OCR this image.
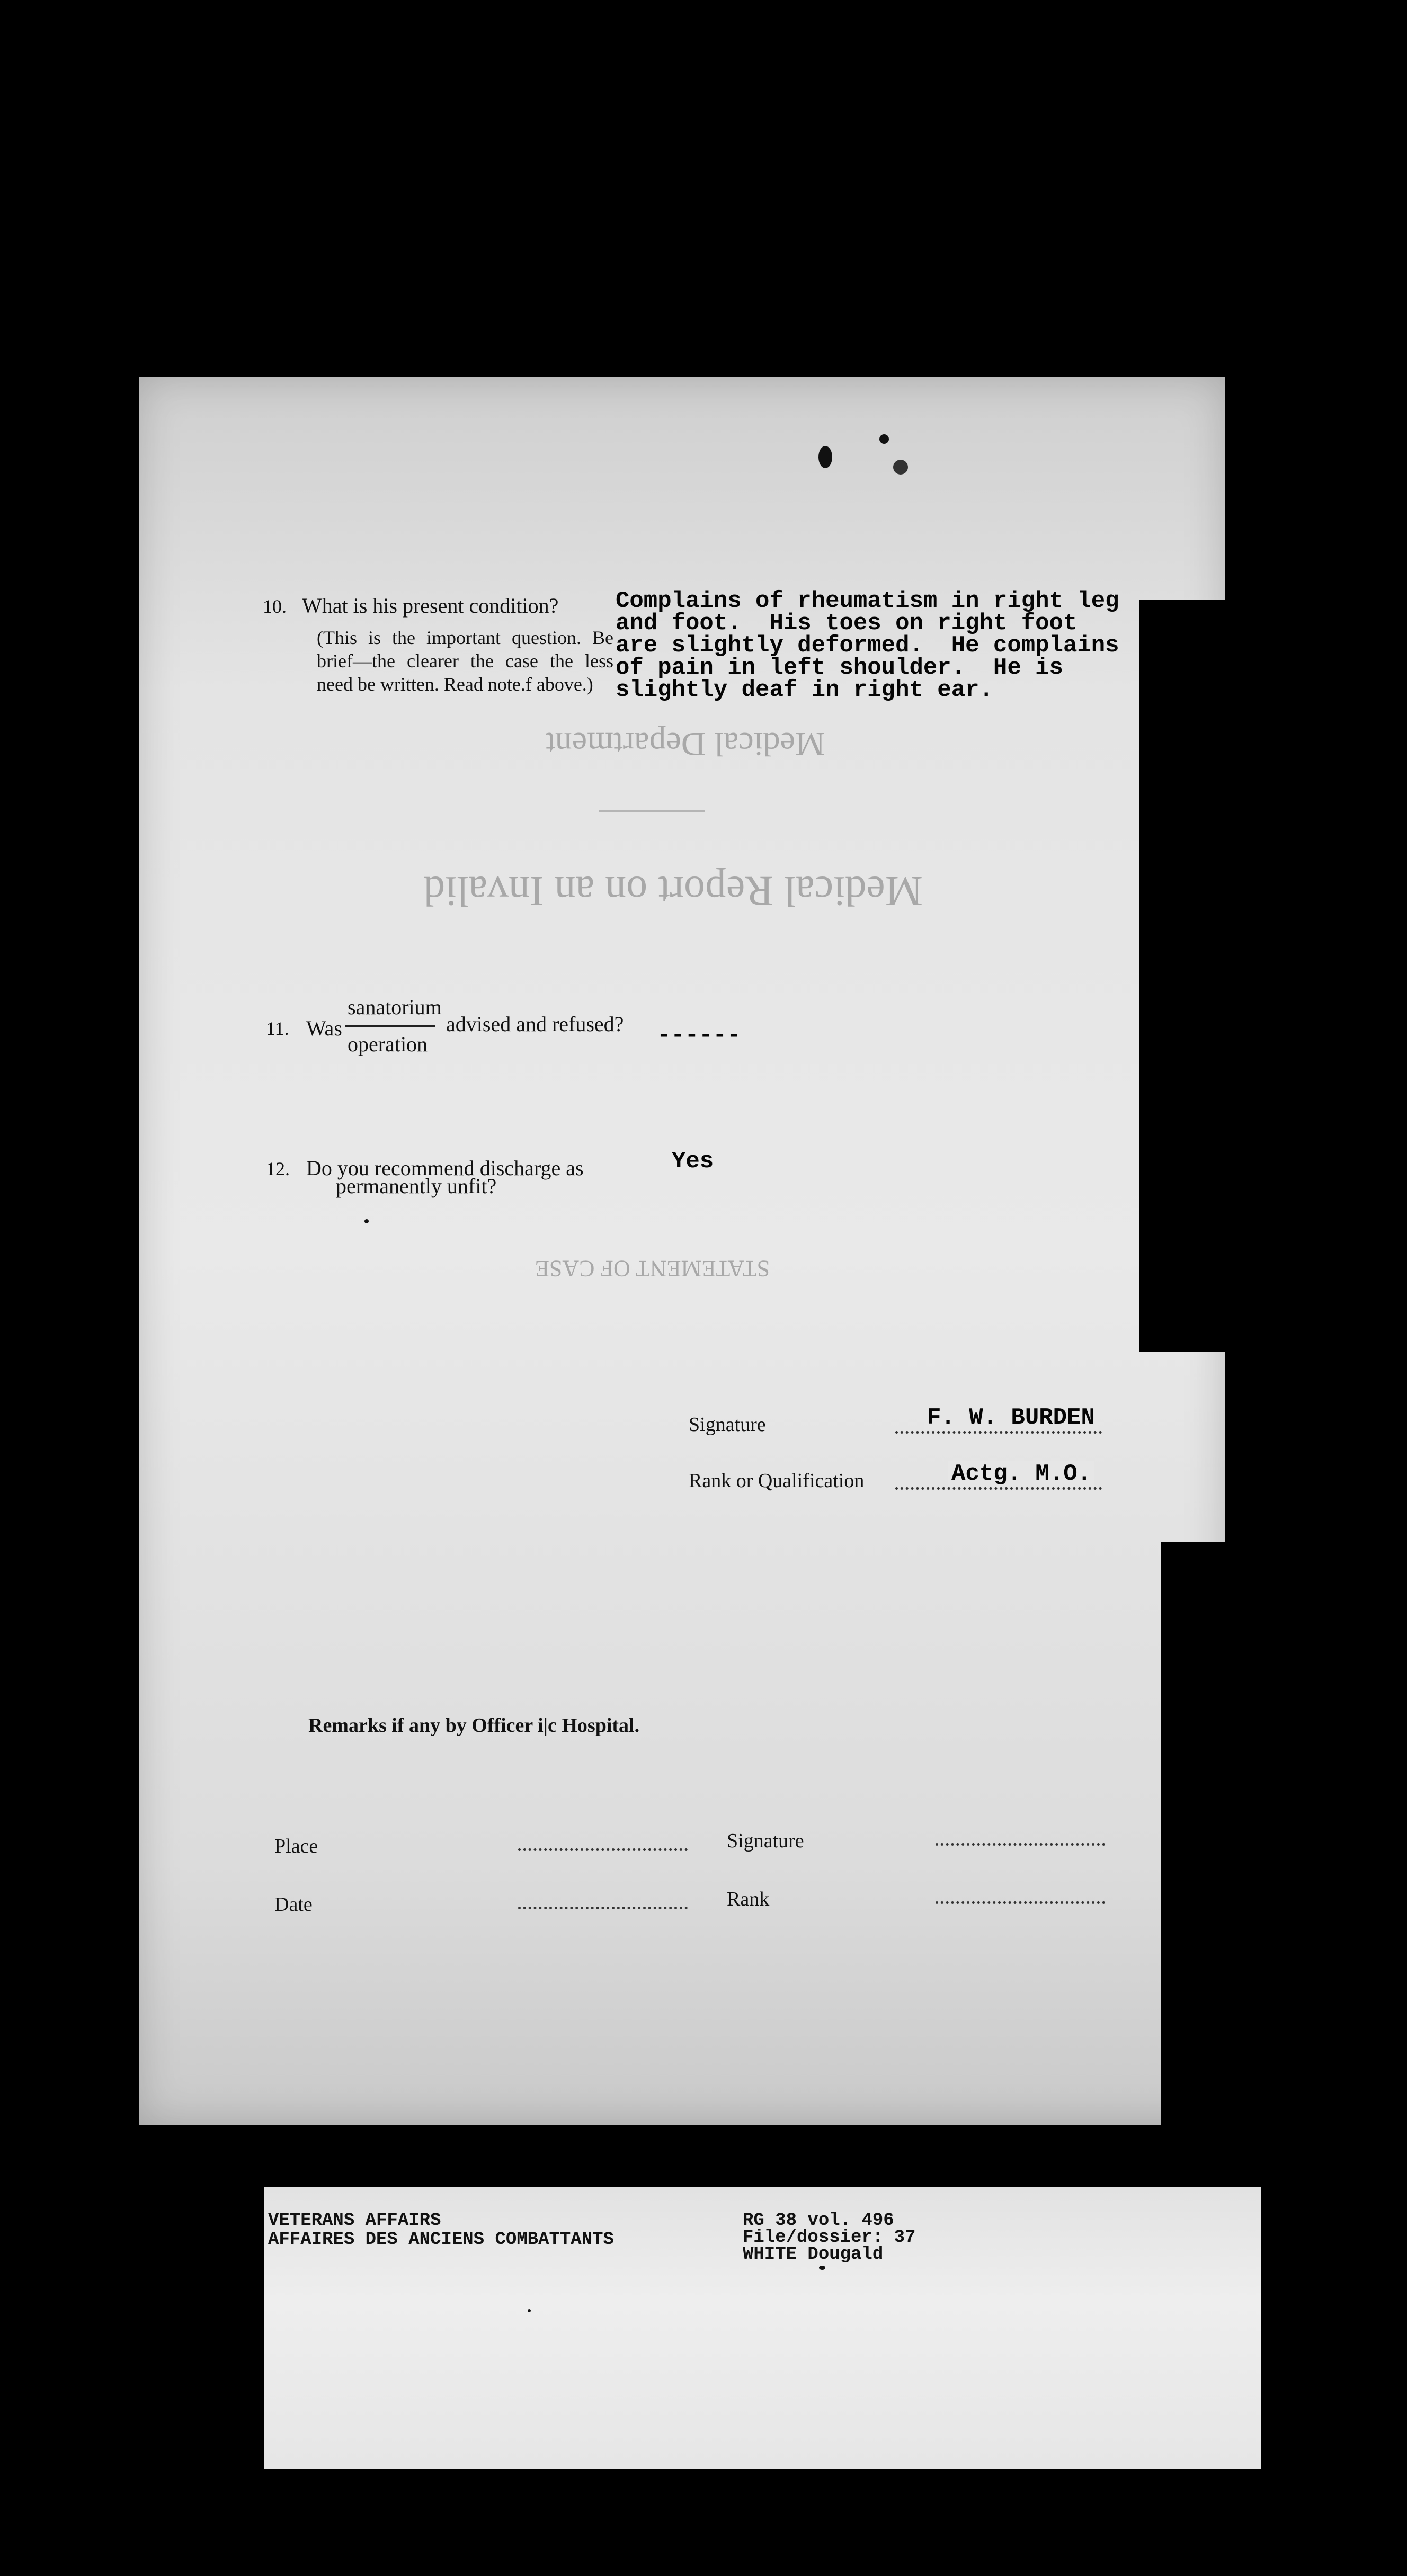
Medical Department
Medical Report on an Invalid
STATEMENT OF CASE
10. What is his present condition?
(This is the important question. Be brief—the clearer the case the less need be written. Read note.f above.)
Complains of rheumatism in right leg
and foot.  His toes on right foot
are slightly deformed.  He complains
of pain in left shoulder.  He is
slightly deaf in right ear.
11. Was
sanatorium
operation
advised and refused? ------
12. Do you recommend discharge as
permanently unfit?
Yes
Signature	F. W. BURDEN
Rank or Qualification	Actg. M.O.
Remarks if any by Officer i|c Hospital.
Place	Signature
Date	Rank
VETERANS AFFAIRS
AFFAIRES DES ANCIENS COMBATTANTS
RG 38 vol. 496
File/dossier: 37
WHITE Dougald
